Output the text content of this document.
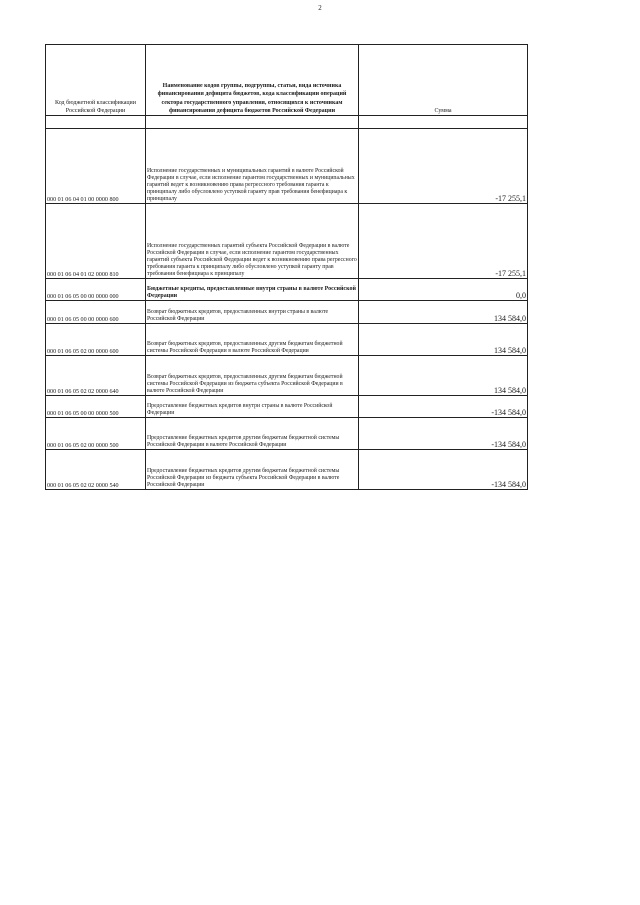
2
Код бюджетной классификации Российской Федерации	Наименование кодов группы, подгруппы, статьи, вида источника финансирования дефицита бюджетов, кода классификации операций сектора государственного управления, относящихся к источникам финансирования дефицита бюджетов Российской Федерации	Сумма

000 01 06 04 01 00 0000 800	Исполнение государственных и муниципальных гарантий в валюте Российской Федерации в случае, если исполнение гарантом государственных и муниципальных гарантий ведет к возникновению права регрессного требования гаранта к принципалу либо обусловлено уступкой гаранту прав требования бенефициара к принципалу	-17 255,1
000 01 06 04 01 02 0000 810	Исполнение государственных гарантий субъекта Российской Федерации в валюте Российской Федерации в случае, если исполнение гарантом государственных гарантий субъекта Российской Федерации ведет к возникновению права регрессного требования гаранта к принципалу либо обусловлено уступкой гаранту прав требования бенефициара к принципалу	-17 255,1
000 01 06 05 00 00 0000 000	Бюджетные кредиты, предоставленные внутри страны в валюте Российской Федерации	0,0
000 01 06 05 00 00 0000 600	Возврат бюджетных кредитов, предоставленных внутри страны в валюте Российской Федерации	134 584,0
000 01 06 05 02 00 0000 600	Возврат бюджетных кредитов, предоставленных другим бюджетам бюджетной системы Российской Федерации в валюте Российской Федерации	134 584,0
000 01 06 05 02 02 0000 640	Возврат бюджетных кредитов, предоставленных другим бюджетам бюджетной системы Российской Федерации из бюджета субъекта Российской Федерации в валюте Российской Федерации	134 584,0
000 01 06 05 00 00 0000 500	Предоставление бюджетных кредитов внутри страны в валюте Российской Федерации	-134 584,0
000 01 06 05 02 00 0000 500	Предоставление бюджетных кредитов другим бюджетам бюджетной системы Российской Федерации в валюте Российской Федерации	-134 584,0
000 01 06 05 02 02 0000 540	Предоставление бюджетных кредитов другим бюджетам бюджетной системы Российской Федерации из бюджета субъекта Российской Федерации в валюте Российской Федерации	-134 584,0
